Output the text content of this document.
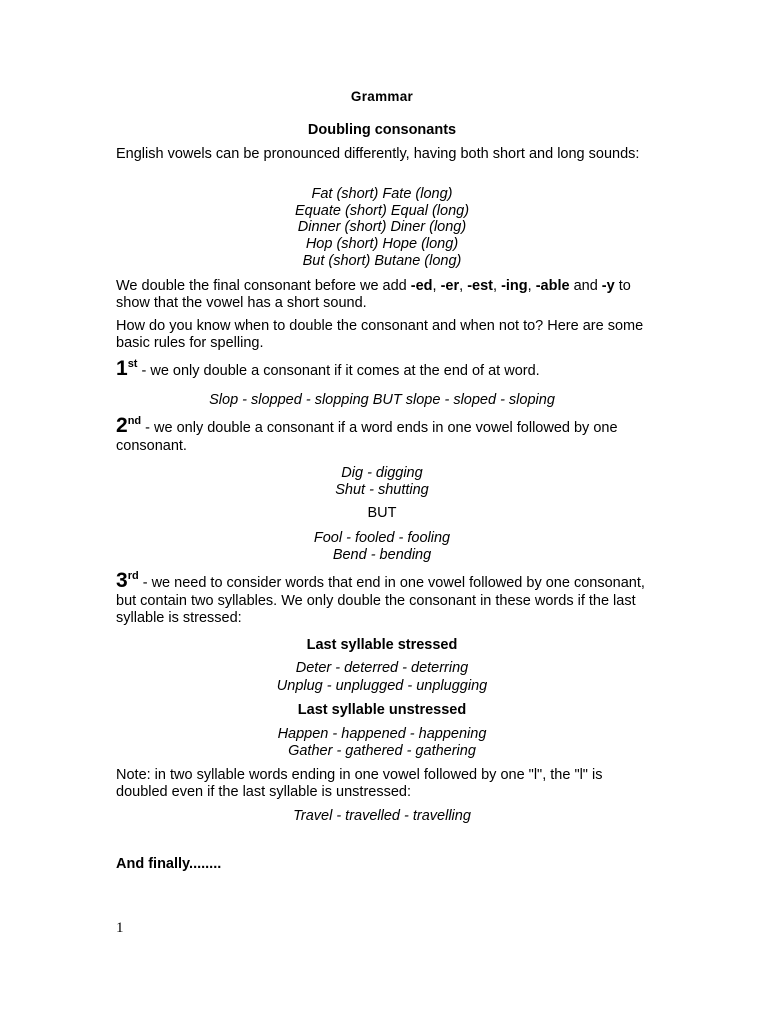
Grammar
Doubling consonants
English vowels can be pronounced differently, having both short and long sounds:
Fat (short) Fate (long)
Equate (short) Equal (long)
Dinner (short) Diner (long)
Hop (short) Hope (long)
But (short) Butane (long)
We double the final consonant before we add -ed, -er, -est, -ing, -able and -y to show that the vowel has a short sound.
How do you know when to double the consonant and when not to? Here are some basic rules for spelling.
1st - we only double a consonant if it comes at the end of at word.
Slop - slopped - slopping BUT slope - sloped - sloping
2nd - we only double a consonant if a word ends in one vowel followed by one consonant.
Dig - digging
Shut - shutting
BUT
Fool - fooled - fooling
Bend - bending
3rd - we need to consider words that end in one vowel followed by one consonant, but contain two syllables. We only double the consonant in these words if the last syllable is stressed:
Last syllable stressed
Deter - deterred - deterring
Unplug - unplugged - unplugging
Last syllable unstressed
Happen - happened - happening
Gather - gathered - gathering
Note: in two syllable words ending in one vowel followed by one "l", the "l" is doubled even if the last syllable is unstressed:
Travel - travelled - travelling
And finally........
1
